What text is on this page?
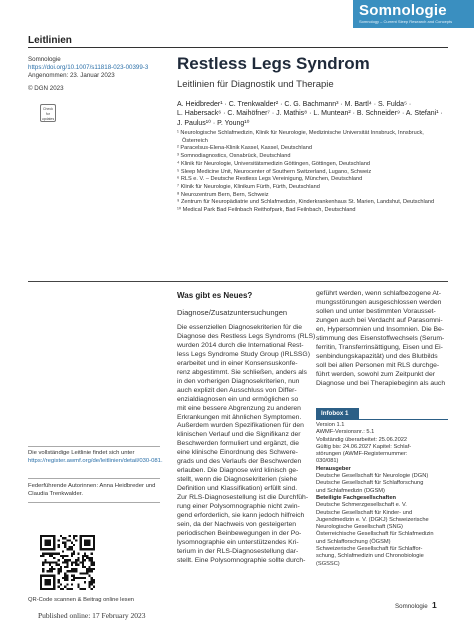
Somnologie
Somnology – Current Sleep Research and Concepts
Leitlinien
Somnologie
https://doi.org/10.1007/s11818-023-00399-3
Angenommen: 23. Januar 2023
© DGN 2023
Check for updates
Restless Legs Syndrom
Leitlinien für Diagnostik und Therapie
A. Heidbreder¹ · C. Trenkwalder² · C. G. Bachmann³ · M. Bartl⁴ · S. Fulda⁵ ·
L. Habersack⁶ · C. Maihöfner⁷ · J. Mathis⁸ · L. Muntean² · B. Schneider⁹ · A. Stefani¹ ·
J. Paulus¹⁰ · P. Young¹⁰
¹ Neurologische Schlafmedizin, Klinik für Neurologie, Medizinische Universität Innsbruck, Innsbruck,
Österreich
² Paracelsus-Elena-Klinik Kassel, Kassel, Deutschland
³ Somnodiagnostics, Osnabrück, Deutschland
⁴ Klinik für Neurologie, Universitätsmedizin Göttingen, Göttingen, Deutschland
⁵ Sleep Medicine Unit, Neurocenter of Southern Switzerland, Lugano, Schweiz
⁶ RLS e. V. – Deutsche Restless Legs Vereinigung, München, Deutschland
⁷ Klinik für Neurologie, Klinikum Fürth, Fürth, Deutschland
⁸ Neurozentrum Bern, Bern, Schweiz
⁹ Zentrum für Neuropädiatrie und Schlafmedizin, Kinderkrankenhaus St. Marien, Landshut, Deutschland
¹⁰ Medical Park Bad Feilnbach Reithofpark, Bad Feilnbach, Deutschland
Was gibt es Neues?
Diagnose/Zusatzuntersuchungen
Die essenziellen Diagnosekriterien für die
Diagnose des Restless Legs Syndroms (RLS)
wurden 2014 durch die International Rest-
less Legs Syndrome Study Group (IRLSSG)
erarbeitet und in einer Konsensuskonfe-
renz abgestimmt. Sie schließen, anders als
in den vorherigen Diagnosekriterien, nun
auch explizit den Ausschluss von Differ-
enzialdiagnosen ein und ermöglichen so
mit eine bessere Abgrenzung zu anderen
Erkrankungen mit ähnlichen Symptomen.
Außerdem wurden Spezifikationen für den
klinischen Verlauf und die Signifikanz der
Beschwerden formuliert und ergänzt, die
eine klinische Einordnung des Schwere-
grads und des Verlaufs der Beschwerden
erlauben. Die Diagnose wird klinisch ge-
stellt, wenn die Diagnosekriterien (siehe
Definition und Klassifikation) erfüllt sind.
Zur RLS-Diagnosestellung ist die Durchfüh-
rung einer Polysomnographie nicht zwin-
gend erforderlich, sie kann jedoch hilfreich
sein, da der Nachweis von gesteigerten
periodischen Beinbewegungen in der Po-
lysomnographie ein unterstützendes Kri-
terium in der RLS-Diagnosestellung dar-
stellt. Eine Polysomnographie sollte durch-
geführt werden, wenn schlafbezogene At-
mungsstörungen ausgeschlossen werden
sollen und unter bestimmten Vorausset-
zungen auch bei Verdacht auf Parasomni-
en, Hypersomnien und Insomnien. Die Be-
stimmung des Eisenstoffwechsels (Serum-
ferritin, Transferrinsättigung, Eisen und Ei-
senbindungskapazität) und des Blutbilds
soll bei allen Personen mit RLS durchge-
führt werden, sowohl zum Zeitpunkt der
Diagnose und bei Therapiebeginn als auch
Infobox 1
Version 1.1
AWMF-Versionsnr.: 5.1
Vollständig überarbeitet: 25.06.2022
Gültig bis: 24.06.2027 Kapitel: Schlaf-
störungen (AWMF-Registernummer:
030/081)
Herausgeber
Deutsche Gesellschaft für Neurologie (DGN)
Deutsche Gesellschaft für Schlafforschung
und Schlafmedizin (DGSM)
Beteiligte Fachgesellschaften
Deutsche Schmerzgesellschaft e. V.
Deutsche Gesellschaft für Kinder- und
Jugendmedizin e. V. (DGKJ) Schweizerische
Neurologische Gesellschaft (SNG)
Österreichische Gesellschaft für Schlafmedizin
und Schlafforschung (ÖGSM)
Schweizerische Gesellschaft für Schlaffor-
schung, Schlafmedizin und Chronobiologie
(SGSSC)
Die vollständige Leitlinie findet sich unter https://register.awmf.org/de/leitlinien/detail/030-081.
Federführende Autorinnen: Anna Heidbreder und Claudia Trenkwalder.
QR-Code scannen & Beitrag online lesen
Published online: 17 February 2023
Somnologie 1
